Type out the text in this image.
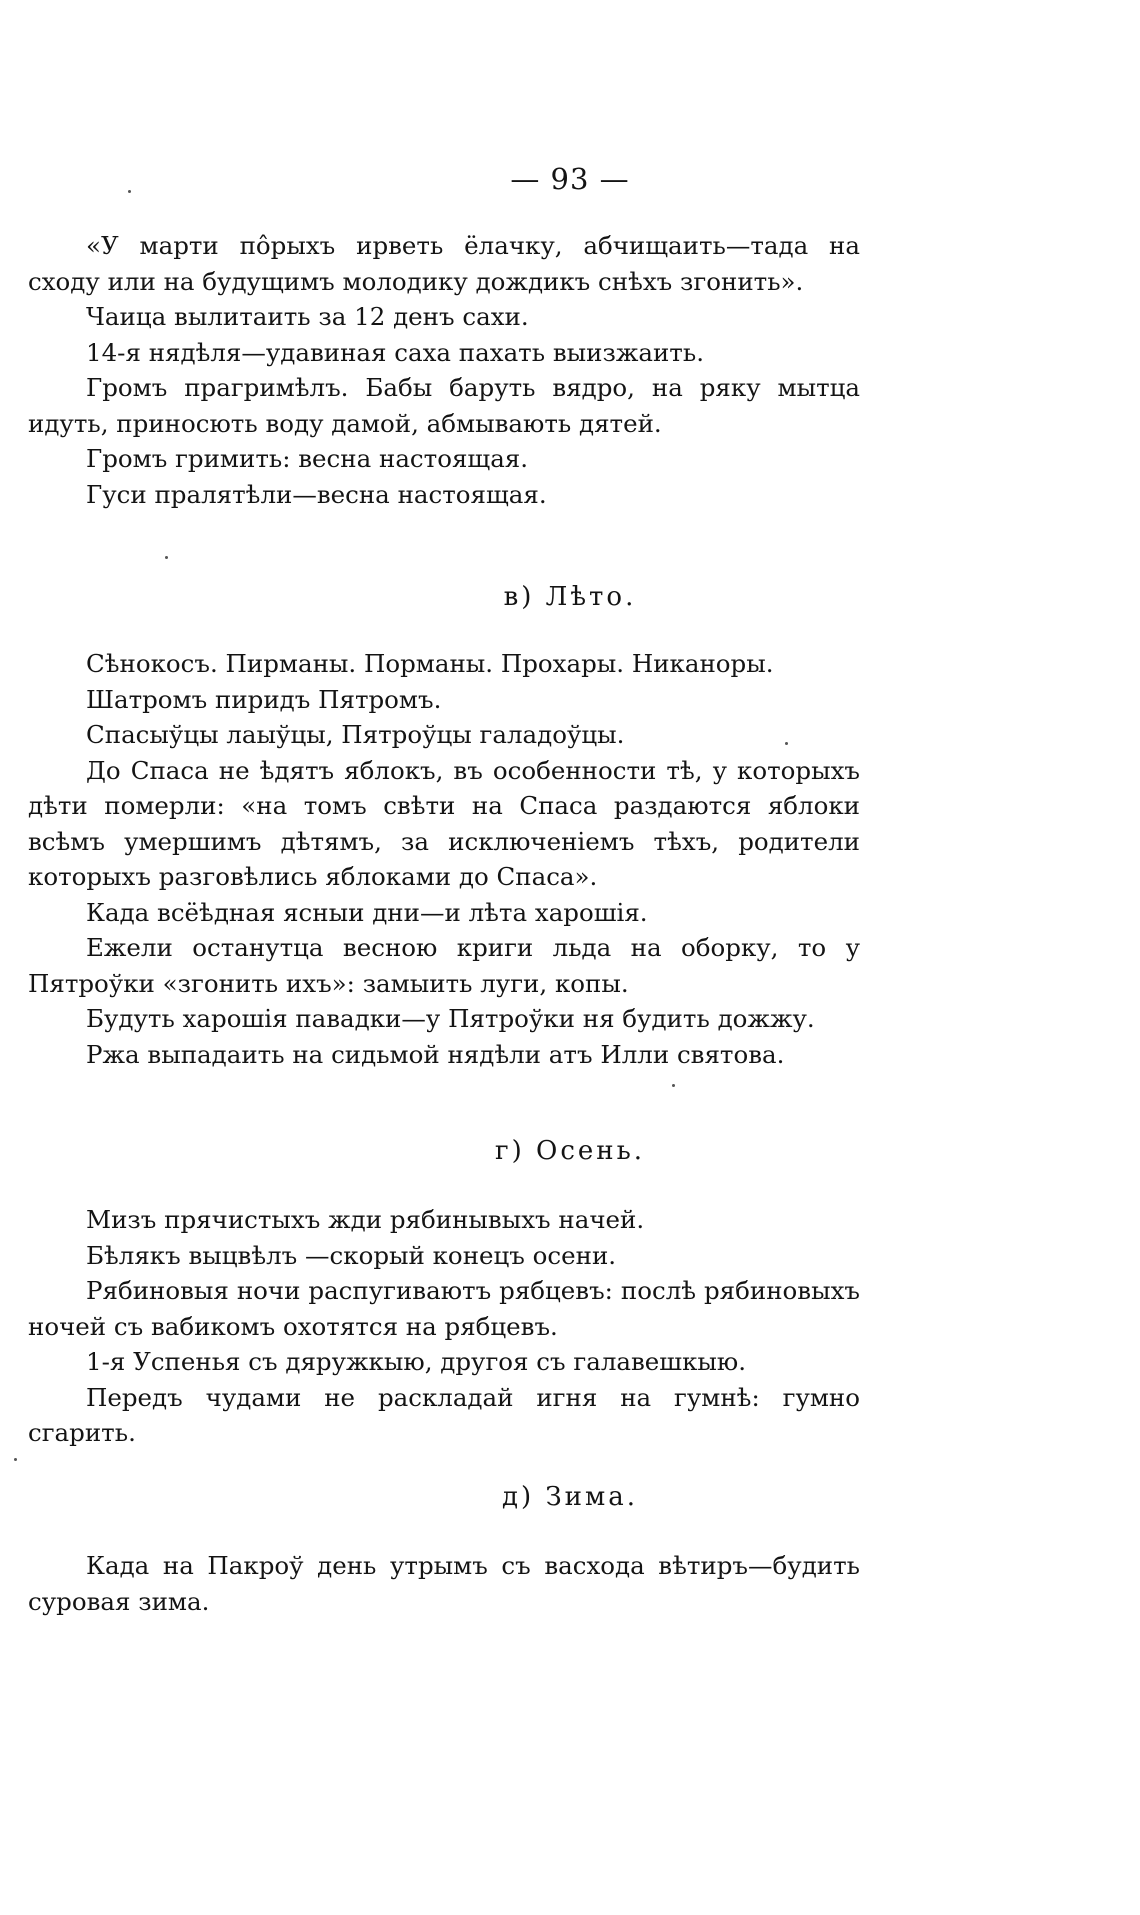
— 93 —

«У марти пôрыхъ ирветь ёлачку, абчищаить—тада на сходу или на будущимъ молодику дождикъ снѣхъ згонить».

Чаица вылитаить за 12 денъ сахи.

14-я нядѣля—удавиная саха пахать выизжаить.

Громъ прагримѣлъ. Бабы баруть вядро, на ряку мытца идуть, приносють воду дамой, абмывають дятей.

Громъ гримить: весна настоящая.

Гуси пралятѣли—весна настоящая.

в) Лѣто.

Сѣнокосъ. Пирманы. Порманы. Прохары. Никаноры.

Шатромъ пиридъ Пятромъ.

Спасыўцы лаыўцы, Пятроўцы галадоўцы.

До Спаса не ѣдятъ яблокъ, въ особенности тѣ, у которыхъ дѣти померли: «на томъ свѣти на Спаса раздаются яблоки всѣмъ умершимъ дѣтямъ, за исключеніемъ тѣхъ, родители которыхъ разговѣлись яблоками до Спаса».

Када всёѣдная ясныи дни—и лѣта харошія.

Ежели останутца весною криги льда на оборку, то у Пятроўки «згонить ихъ»: замыить луги, копы.

Будуть харошія павадки—у Пятроўки ня будить дожжу.

Ржа выпадаить на сидьмой нядѣли атъ Илли святова.

г) Осень.

Мизъ прячистыхъ жди рябинывыхъ начей.

Бѣлякъ выцвѣлъ —скорый конецъ осени.

Рябиновыя ночи распугиваютъ рябцевъ: послѣ рябиновыхъ ночей съ вабикомъ охотятся на рябцевъ.

1-я Успенья съ дяружкыю, другоя съ галавешкыю.

Передъ чудами не раскладай игня на гумнѣ: гумно сгарить.

д) Зима.

Када на Пакроў день утрымъ съ васхода вѣтиръ—будить суровая зима.
